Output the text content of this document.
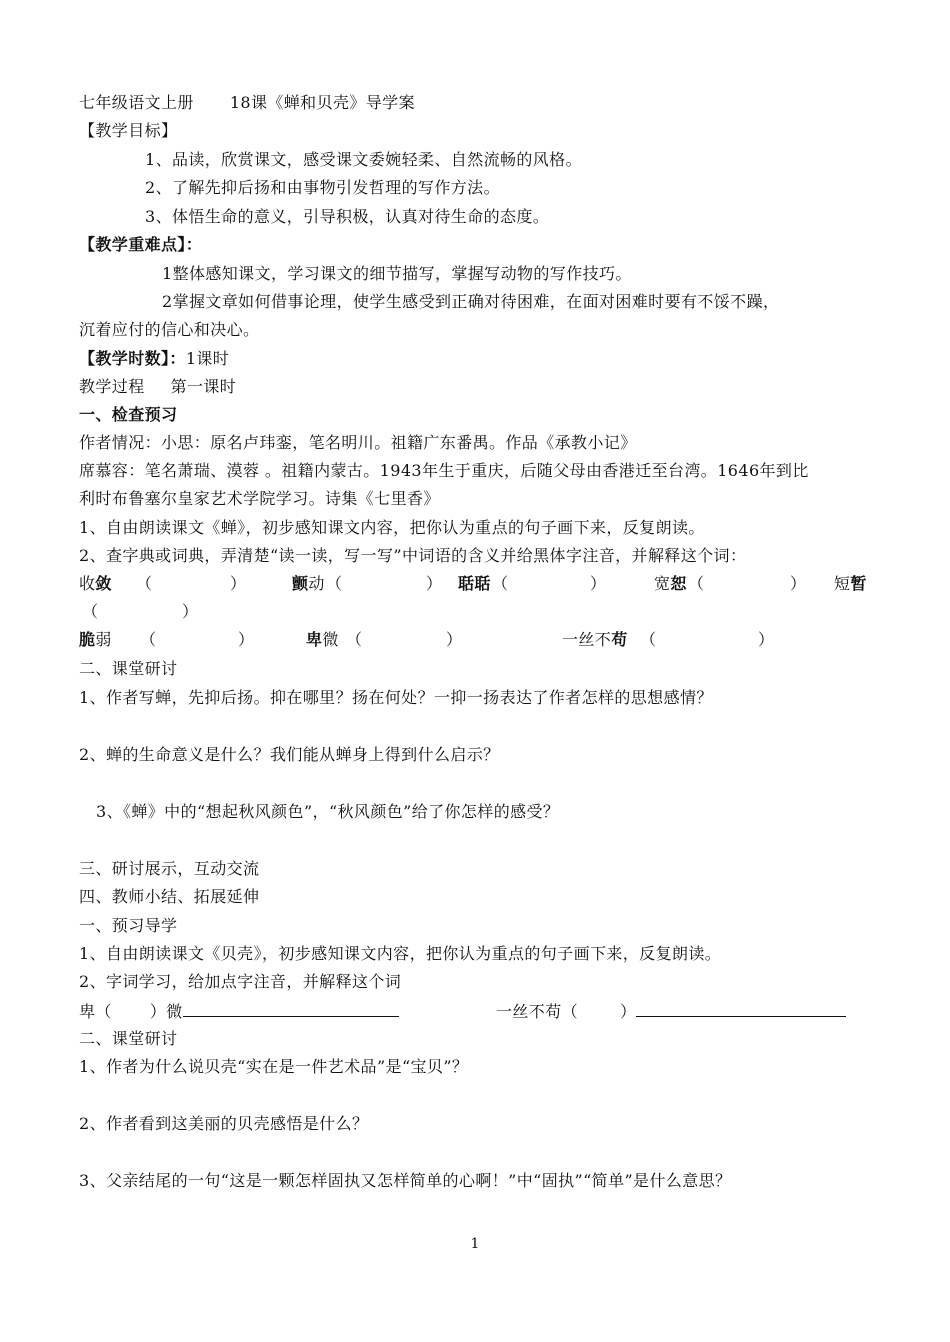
七年级语文上册 18课《蝉和贝壳》导学案
【教学目标】
1、品读，欣赏课文，感受课文委婉轻柔、自然流畅的风格。
2、了解先抑后扬和由事物引发哲理的写作方法。
3、体悟生命的意义，引导积极，认真对待生命的态度。
【教学重难点】：
1整体感知课文，学习课文的细节描写，掌握写动物的写作技巧。
2掌握文章如何借事论理，使学生感受到正确对待困难，在面对困难时要有不馁不躁，
沉着应付的信心和决心。
【教学时数】：1课时
教学过程 第一课时
一、检查预习
作者情况：小思：原名卢玮銮，笔名明川。祖籍广东番禺。作品《承教小记》
席慕容：笔名萧瑞、漠蓉 。祖籍内蒙古。1943年生于重庆，后随父母由香港迁至台湾。1646年到比
利时布鲁塞尔皇家艺术学院学习。诗集《七里香》
1、自由朗读课文《蝉》，初步感知课文内容，把你认为重点的句子画下来，反复朗读。
2、查字典或词典，弄清楚“读一读，写一写”中词语的含义并给黑体字注音，并解释这个词：
收敛 （	）	颤动 （	） 聒聒 （	）	宽恕 （	） 短暂
（	）
脆弱 （	）	卑微 （	）	一丝不苟 （	）
二、课堂研讨
1、作者写蝉，先抑后扬。抑在哪里？扬在何处？一抑一扬表达了作者怎样的思想感情？
2、蝉的生命意义是什么？我们能从蝉身上得到什么启示？
3、《蝉》中的“想起秋风颜色”，“秋风颜色”给了你怎样的感受？
三、研讨展示，互动交流
四、教师小结、拓展延伸
一、预习导学
1、自由朗读课文《贝壳》，初步感知课文内容，把你认为重点的句子画下来，反复朗读。
2、字词学习，给加点字注音，并解释这个词
卑（ ）微	一丝不苟（	）
二、课堂研讨
1、作者为什么说贝壳“实在是一件艺术品”是“宝贝”？
2、作者看到这美丽的贝壳感悟是什么？
3、父亲结尾的一句“这是一颗怎样固执又怎样简单的心啊！”中“固执”“简单”是什么意思？
1
